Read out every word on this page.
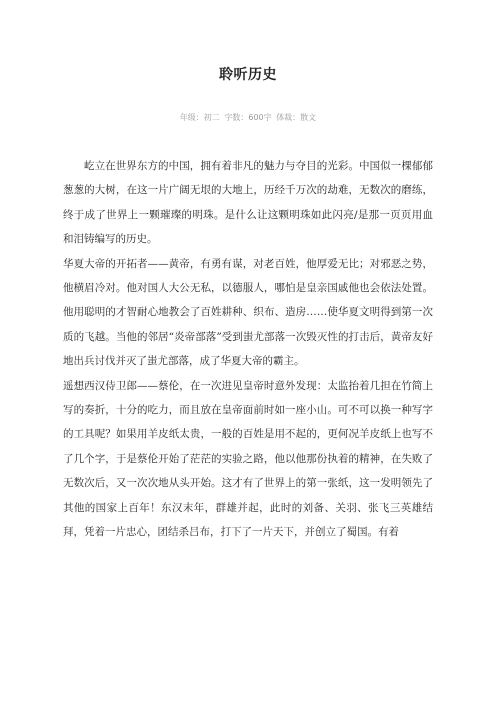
聆听历史
年级：初二 字数：600字 体裁：散文

屹立在世界东方的中国，拥有着非凡的魅力与夺目的光彩。中国似一棵郁郁葱葱的大树，在这一片广阔无垠的大地上，历经千万次的劫难，无数次的磨练，终于成了世界上一颗璀璨的明珠。是什么让这颗明珠如此闪亮/是那一页页用血和泪铸编写的历史。

华夏大帝的开拓者——黄帝，有勇有谋，对老百姓，他厚爱无比；对邪恶之势，他横眉冷对。他对国人大公无私，以德服人，哪怕是皇亲国戚他也会依法处置。他用聪明的才智耐心地教会了百姓耕种、织布、造房……使华夏文明得到第一次质的飞越。当他的邻居“炎帝部落”受到蚩尤部落一次毁灭性的打击后，黄帝友好地出兵讨伐并灭了蚩尤部落，成了华夏大帝的霸主。

遥想西汉侍卫郎——蔡伦，在一次进见皇帝时意外发现：太监抬着几担在竹简上写的奏折，十分的吃力，而且放在皇帝面前时如一座小山。可不可以换一种写字的工具呢？如果用羊皮纸太贵，一般的百姓是用不起的，更何况羊皮纸上也写不了几个字，于是蔡伦开始了茫茫的实验之路，他以他那份执着的精神，在失败了无数次后，又一次次地从头开始。这才有了世界上的第一张纸，这一发明领先了其他的国家上百年！东汉末年，群雄并起，此时的刘备、关羽、张飞三英雄结拜，凭着一片忠心，团结杀吕布，打下了一片天下，并创立了蜀国。有着
